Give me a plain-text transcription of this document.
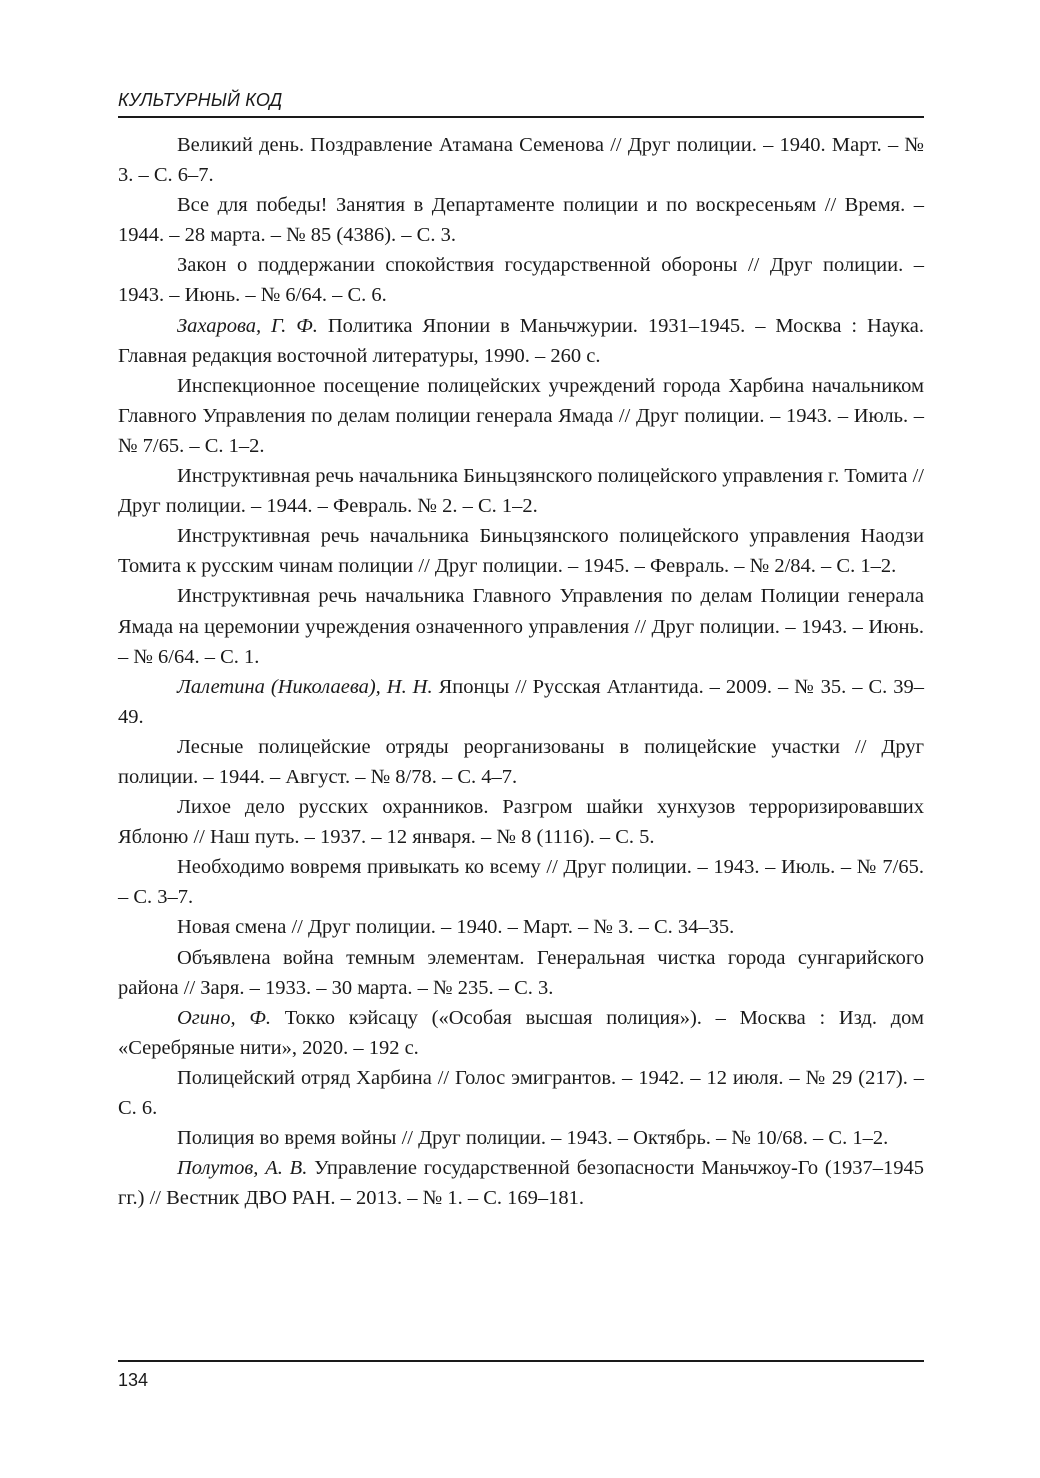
КУЛЬТУРНЫЙ КОД

Великий день. Поздравление Атамана Семенова // Друг полиции. – 1940. Март. – № 3. – С. 6–7.

Все для победы! Занятия в Департаменте полиции и по воскресеньям // Время. – 1944. – 28 марта. – № 85 (4386). – С. 3.

Закон о поддержании спокойствия государственной обороны // Друг полиции. – 1943. – Июнь. – № 6/64. – С. 6.

Захарова, Г. Ф. Политика Японии в Маньчжурии. 1931–1945. – Москва : Наука. Главная редакция восточной литературы, 1990. – 260 с.

Инспекционное посещение полицейских учреждений города Харбина начальником Главного Управления по делам полиции генерала Ямада // Друг полиции. – 1943. – Июль. – № 7/65. – С. 1–2.

Инструктивная речь начальника Биньцзянского полицейского управления г. Томита // Друг полиции. – 1944. – Февраль. № 2. – С. 1–2.

Инструктивная речь начальника Биньцзянского полицейского управления Наодзи Томита к русским чинам полиции // Друг полиции. – 1945. – Февраль. – № 2/84. – С. 1–2.

Инструктивная речь начальника Главного Управления по делам Полиции генерала Ямада на церемонии учреждения означенного управления // Друг полиции. – 1943. – Июнь. – № 6/64. – С. 1.

Лалетина (Николаева), Н. Н. Японцы // Русская Атлантида. – 2009. – № 35. – С. 39–49.

Лесные полицейские отряды реорганизованы в полицейские участки // Друг полиции. – 1944. – Август. – № 8/78. – С. 4–7.

Лихое дело русских охранников. Разгром шайки хунхузов терроризировавших Яблоню // Наш путь. – 1937. – 12 января. – № 8 (1116). – С. 5.

Необходимо вовремя привыкать ко всему // Друг полиции. – 1943. – Июль. – № 7/65. – С. 3–7.

Новая смена // Друг полиции. – 1940. – Март. – № 3. – С. 34–35.

Объявлена война темным элементам. Генеральная чистка города сунгарийского района // Заря. – 1933. – 30 марта. – № 235. – С. 3.

Огино, Ф. Токко кэйсацу («Особая высшая полиция»). – Москва : Изд. дом «Серебряные нити», 2020. – 192 с.

Полицейский отряд Харбина // Голос эмигрантов. – 1942. – 12 июля. – № 29 (217). – С. 6.

Полиция во время войны // Друг полиции. – 1943. – Октябрь. – № 10/68. – С. 1–2.

Полутов, А. В. Управление государственной безопасности Маньчжоу-Го (1937–1945 гг.) // Вестник ДВО РАН. – 2013. – № 1. – С. 169–181.

134
